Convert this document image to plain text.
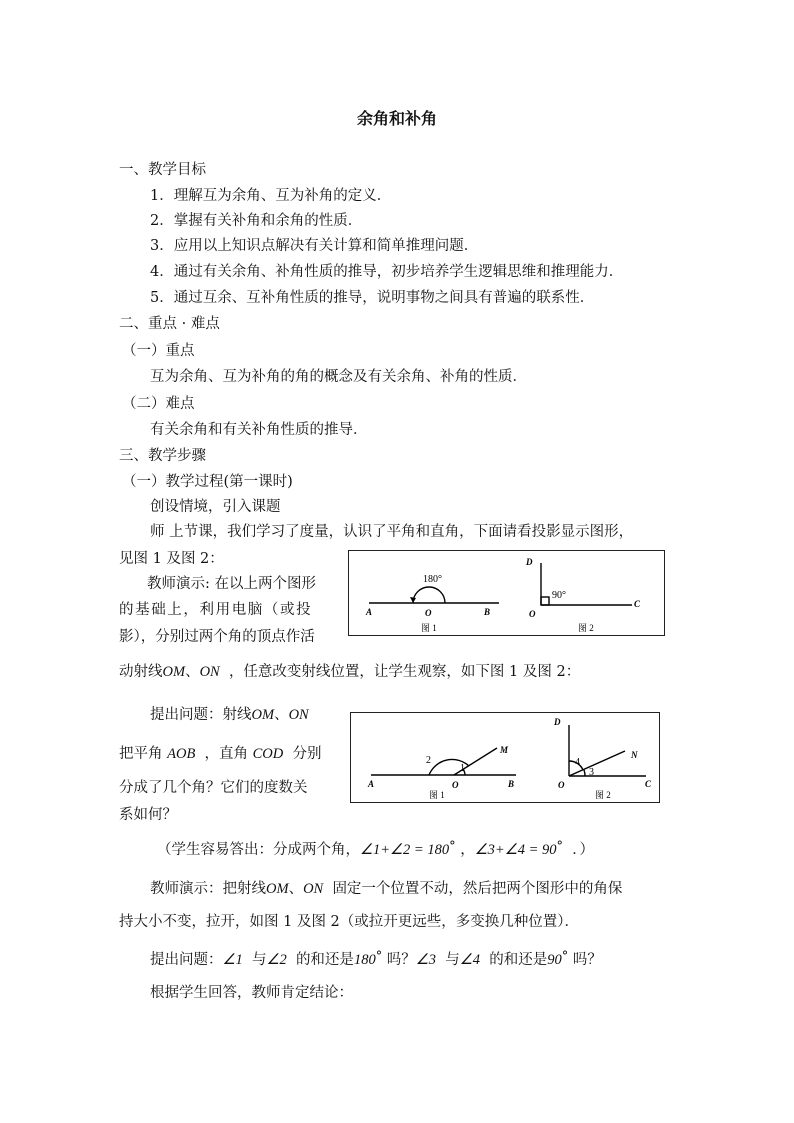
余角和补角
一、教学目标
1．理解互为余角、互为补角的定义．
2．掌握有关补角和余角的性质．
3．应用以上知识点解决有关计算和简单推理问题．
4．通过有关余角、补角性质的推导，初步培养学生逻辑思维和推理能力．
5．通过互余、互补角性质的推导，说明事物之间具有普遍的联系性．
二、重点 · 难点
（一）重点
互为余角、互为补角的角的概念及有关余角、补角的性质．
（二）难点
有关余角和有关补角性质的推导．
三、教学步骤
（一）教学过程(第一课时)
创设情境，引入课题
师 上节课，我们学习了度量，认识了平角和直角，下面请看投影显示图形，
见图 1 及图 2：
教师演示: 在以上两个图形
的基础上，利用电脑（或投
影），分别过两个角的顶点作活
动射线OM、ON ，任意改变射线位置，让学生观察，如下图 1 及图 2：
180°
A	O	B
图 1
D
90°
O
C
图 2
提出问题：射线OM、ON
把平角 AOB ，直角 COD 分别
分成了几个角？它们的度数关
系如何？
M
2
1
A	O	B
图 1
D
N
4
3
O	C
图 2
（学生容易答出：分成两个角，∠1+∠2 = 180° ，∠3+∠4 = 90° ．）
教师演示：把射线OM、ON 固定一个位置不动，然后把两个图形中的角保
持大小不变，拉开，如图 1 及图 2（或拉开更远些，多变换几种位置）．
提出问题：∠1 与∠2 的和还是180° 吗？∠3 与∠4 的和还是90° 吗？
根据学生回答，教师肯定结论：
